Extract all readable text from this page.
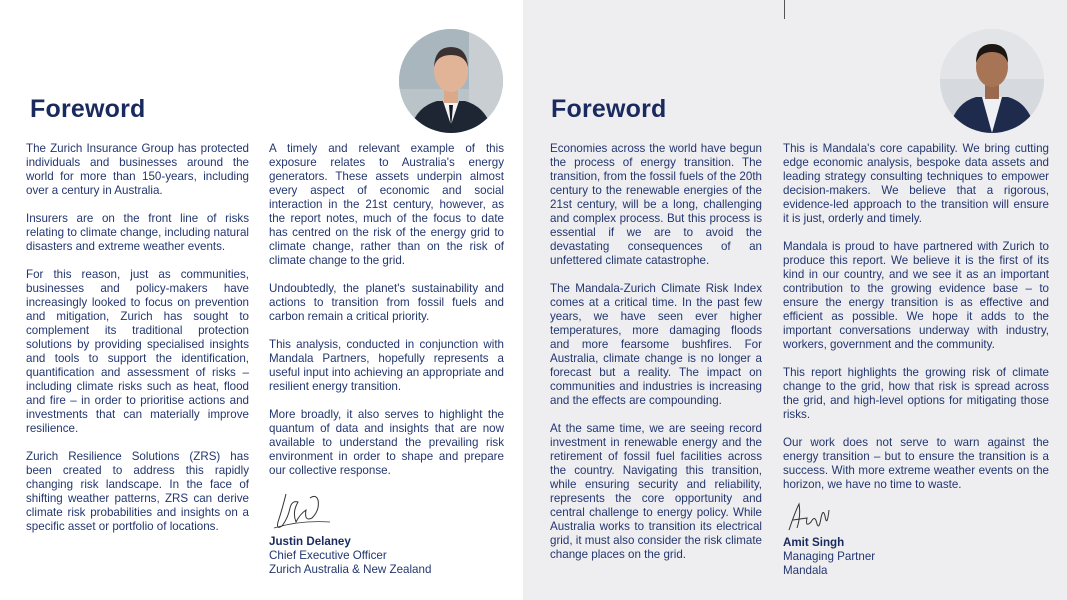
Foreword

The Zurich Insurance Group has protected individuals and businesses around the world for more than 150-years, including over a century in Australia.

Insurers are on the front line of risks relating to climate change, including natural disasters and extreme weather events.

For this reason, just as communities, businesses and policy-makers have increasingly looked to focus on prevention and mitigation, Zurich has sought to complement its traditional protection solutions by providing specialised insights and tools to support the identification, quantification and assessment of risks – including climate risks such as heat, flood and fire – in order to prioritise actions and investments that can materially improve resilience.

Zurich Resilience Solutions (ZRS) has been created to address this rapidly changing risk landscape. In the face of shifting weather patterns, ZRS can derive climate risk probabilities and insights on a specific asset or portfolio of locations.

A timely and relevant example of this exposure relates to Australia's energy generators. These assets underpin almost every aspect of economic and social interaction in the 21st century, however, as the report notes, much of the focus to date has centred on the risk of the energy grid to climate change, rather than on the risk of climate change to the grid.

Undoubtedly, the planet's sustainability and actions to transition from fossil fuels and carbon remain a critical priority.

This analysis, conducted in conjunction with Mandala Partners, hopefully represents a useful input into achieving an appropriate and resilient energy transition.

More broadly, it also serves to highlight the quantum of data and insights that are now available to understand the prevailing risk environment in order to shape and prepare our collective response.

Justin Delaney
Chief Executive Officer
Zurich Australia & New Zealand
Foreword

Economies across the world have begun the process of energy transition. The transition, from the fossil fuels of the 20th century to the renewable energies of the 21st century, will be a long, challenging and complex process. But this process is essential if we are to avoid the devastating consequences of an unfettered climate catastrophe.

The Mandala-Zurich Climate Risk Index comes at a critical time. In the past few years, we have seen ever higher temperatures, more damaging floods and more fearsome bushfires. For Australia, climate change is no longer a forecast but a reality. The impact on communities and industries is increasing and the effects are compounding.

At the same time, we are seeing record investment in renewable energy and the retirement of fossil fuel facilities across the country. Navigating this transition, while ensuring security and reliability, represents the core opportunity and central challenge to energy policy. While Australia works to transition its electrical grid, it must also consider the risk climate change places on the grid.

This is Mandala's core capability. We bring cutting edge economic analysis, bespoke data assets and leading strategy consulting techniques to empower decision-makers. We believe that a rigorous, evidence-led approach to the transition will ensure it is just, orderly and timely.

Mandala is proud to have partnered with Zurich to produce this report. We believe it is the first of its kind in our country, and we see it as an important contribution to the growing evidence base – to ensure the energy transition is as effective and efficient as possible. We hope it adds to the important conversations underway with industry, workers, government and the community.

This report highlights the growing risk of climate change to the grid, how that risk is spread across the grid, and high-level options for mitigating those risks.

Our work does not serve to warn against the energy transition – but to ensure the transition is a success. With more extreme weather events on the horizon, we have no time to waste.

Amit Singh
Managing Partner
Mandala
